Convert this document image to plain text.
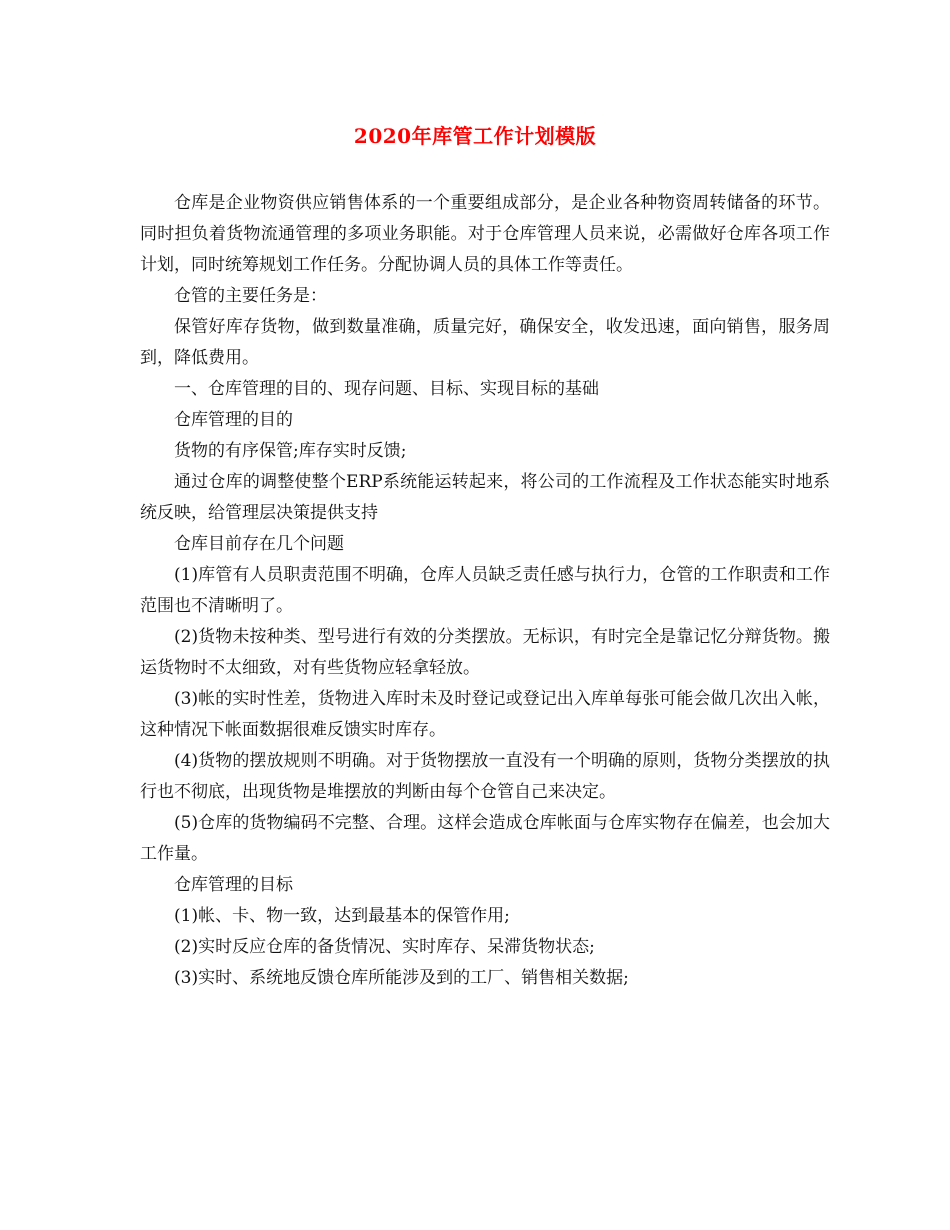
2020年库管工作计划模版

仓库是企业物资供应销售体系的一个重要组成部分，是企业各种物资周转储备的环节。同时担负着货物流通管理的多项业务职能。对于仓库管理人员来说，必需做好仓库各项工作计划，同时统筹规划工作任务。分配协调人员的具体工作等责任。

仓管的主要任务是：

保管好库存货物，做到数量准确，质量完好，确保安全，收发迅速，面向销售，服务周到，降低费用。

一、仓库管理的目的、现存问题、目标、实现目标的基础

仓库管理的目的

货物的有序保管;库存实时反馈;

通过仓库的调整使整个ERP系统能运转起来，将公司的工作流程及工作状态能实时地系统反映，给管理层决策提供支持

仓库目前存在几个问题

(1)库管有人员职责范围不明确，仓库人员缺乏责任感与执行力，仓管的工作职责和工作范围也不清晰明了。

(2)货物未按种类、型号进行有效的分类摆放。无标识，有时完全是靠记忆分辩货物。搬运货物时不太细致，对有些货物应轻拿轻放。

(3)帐的实时性差，货物进入库时未及时登记或登记出入库单每张可能会做几次出入帐，这种情况下帐面数据很难反馈实时库存。

(4)货物的摆放规则不明确。对于货物摆放一直没有一个明确的原则，货物分类摆放的执行也不彻底，出现货物是堆摆放的判断由每个仓管自己来决定。

(5)仓库的货物编码不完整、合理。这样会造成仓库帐面与仓库实物存在偏差，也会加大工作量。

仓库管理的目标

(1)帐、卡、物一致，达到最基本的保管作用;

(2)实时反应仓库的备货情况、实时库存、呆滞货物状态;

(3)实时、系统地反馈仓库所能涉及到的工厂、销售相关数据;
